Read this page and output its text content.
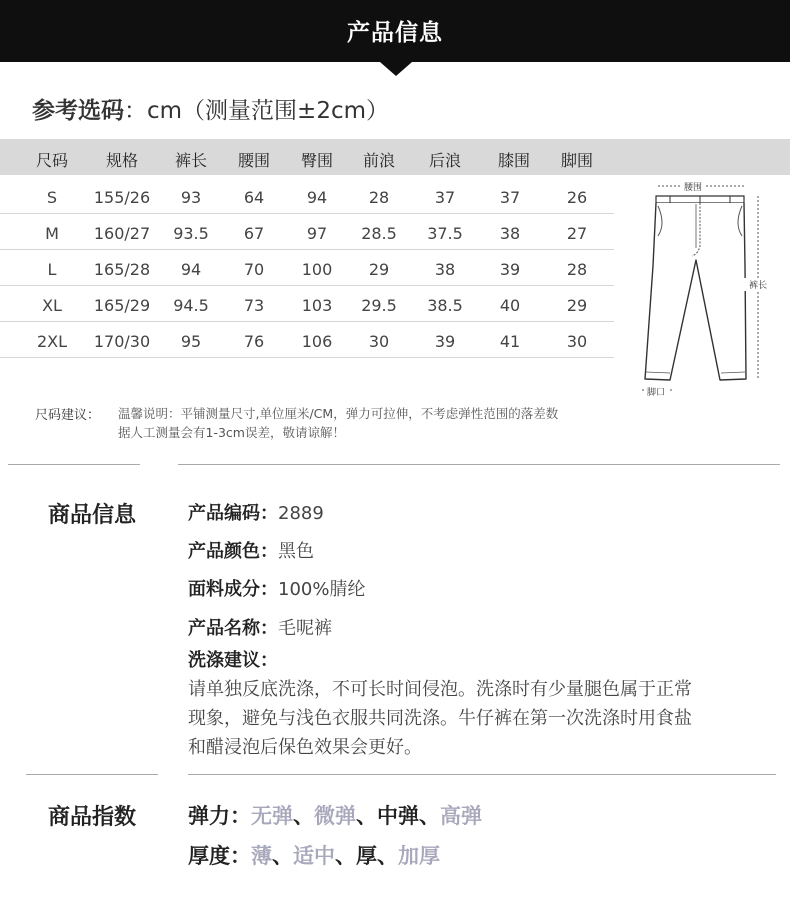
产品信息
参考选码：cm（测量范围±2cm）
尺码	规格	裤长	腰围	臀围	前浪	后浪	膝围	脚围
S	155/26	93	64	94	28	37	37	26
M	160/27	93.5	67	97	28.5	37.5	38	27
L	165/28	94	70	100	29	38	39	28
XL	165/29	94.5	73	103	29.5	38.5	40	29
2XL	170/30	95	76	106	30	39	41	30
腰围
裤长
脚口
尺码建议： 温馨说明：平铺测量尺寸,单位厘米/CM，弹力可拉伸，不考虑弹性范围的落差数
据人工测量会有1-3cm误差，敬请谅解！
商品信息	产品编码：2889
产品颜色：黑色
面料成分：100%腈纶
产品名称：毛呢裤
洗涤建议：
请单独反底洗涤，不可长时间侵泡。洗涤时有少量腿色属于正常
现象，避免与浅色衣服共同洗涤。牛仔裤在第一次洗涤时用食盐
和醋浸泡后保色效果会更好。
商品指数 弹力：无弹、微弹、中弹、高弹
厚度：薄、适中、厚、加厚
